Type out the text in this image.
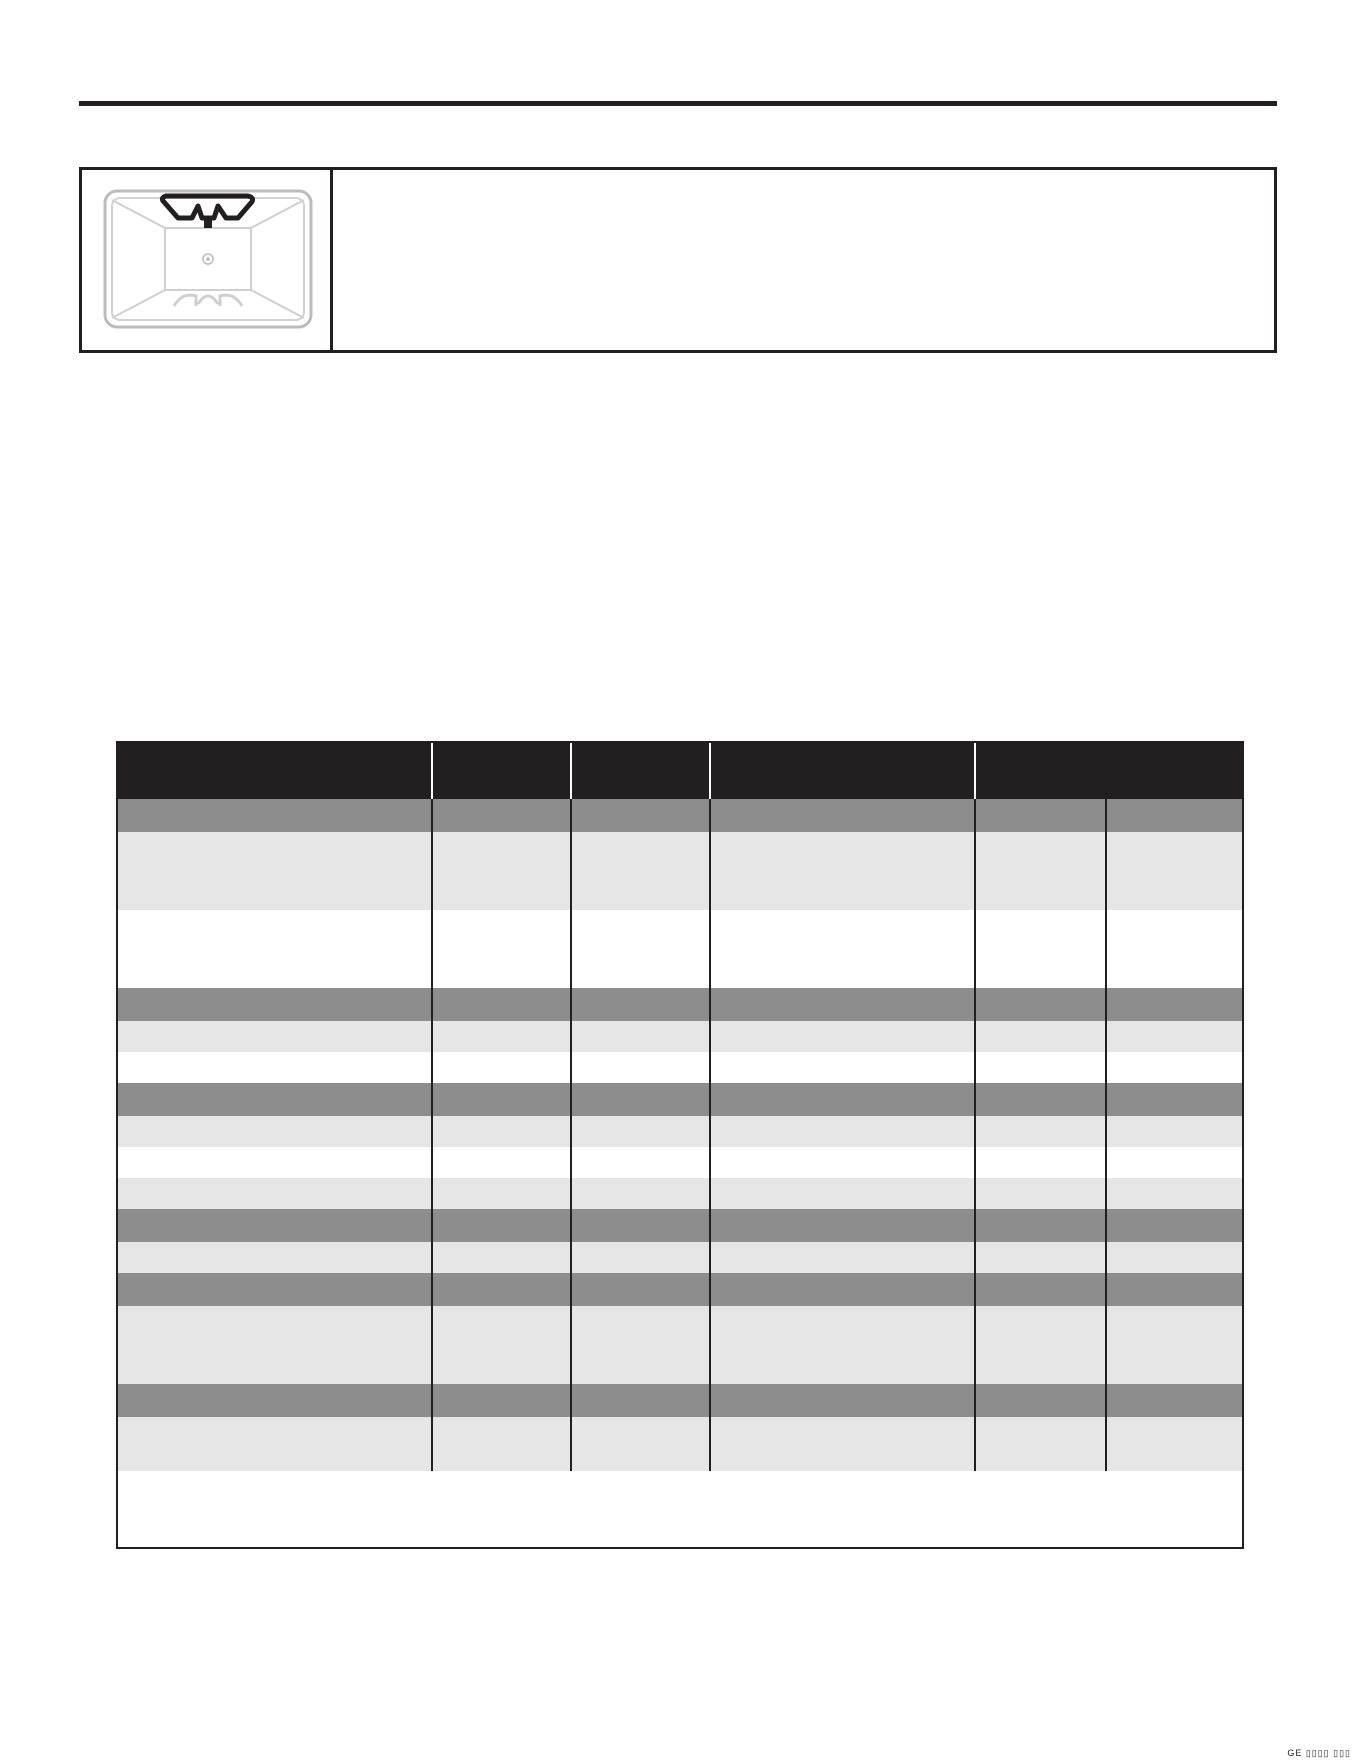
GE ▯▯▯▯ ▯▯▯
